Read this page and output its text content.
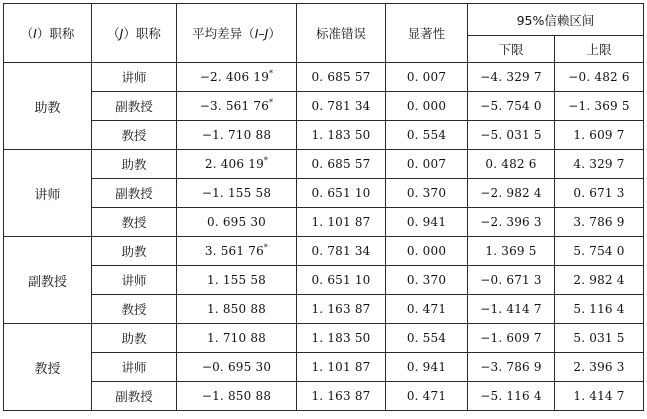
（I）职称	（J）职称	平均差异（I–J）	标准错误	显著性	95%信赖区间	
					下限	上限
助教	讲师	−2. 406 19*	0. 685 57	0. 007	−4. 329 7	−0. 482 6
	副教授	−3. 561 76*	0. 781 34	0. 000	−5. 754 0	−1. 369 5
	教授	−1. 710 88	1. 183 50	0. 554	−5. 031 5	1. 609 7
讲师	助教	2. 406 19*	0. 685 57	0. 007	0. 482 6	4. 329 7
	副教授	−1. 155 58	0. 651 10	0. 370	−2. 982 4	0. 671 3
	教授	0. 695 30	1. 101 87	0. 941	−2. 396 3	3. 786 9
副教授	助教	3. 561 76*	0. 781 34	0. 000	1. 369 5	5. 754 0
	讲师	1. 155 58	0. 651 10	0. 370	−0. 671 3	2. 982 4
	教授	1. 850 88	1. 163 87	0. 471	−1. 414 7	5. 116 4
教授	助教	1. 710 88	1. 183 50	0. 554	−1. 609 7	5. 031 5
	讲师	−0. 695 30	1. 101 87	0. 941	−3. 786 9	2. 396 3
	副教授	−1. 850 88	1. 163 87	0. 471	−5. 116 4	1. 414 7
